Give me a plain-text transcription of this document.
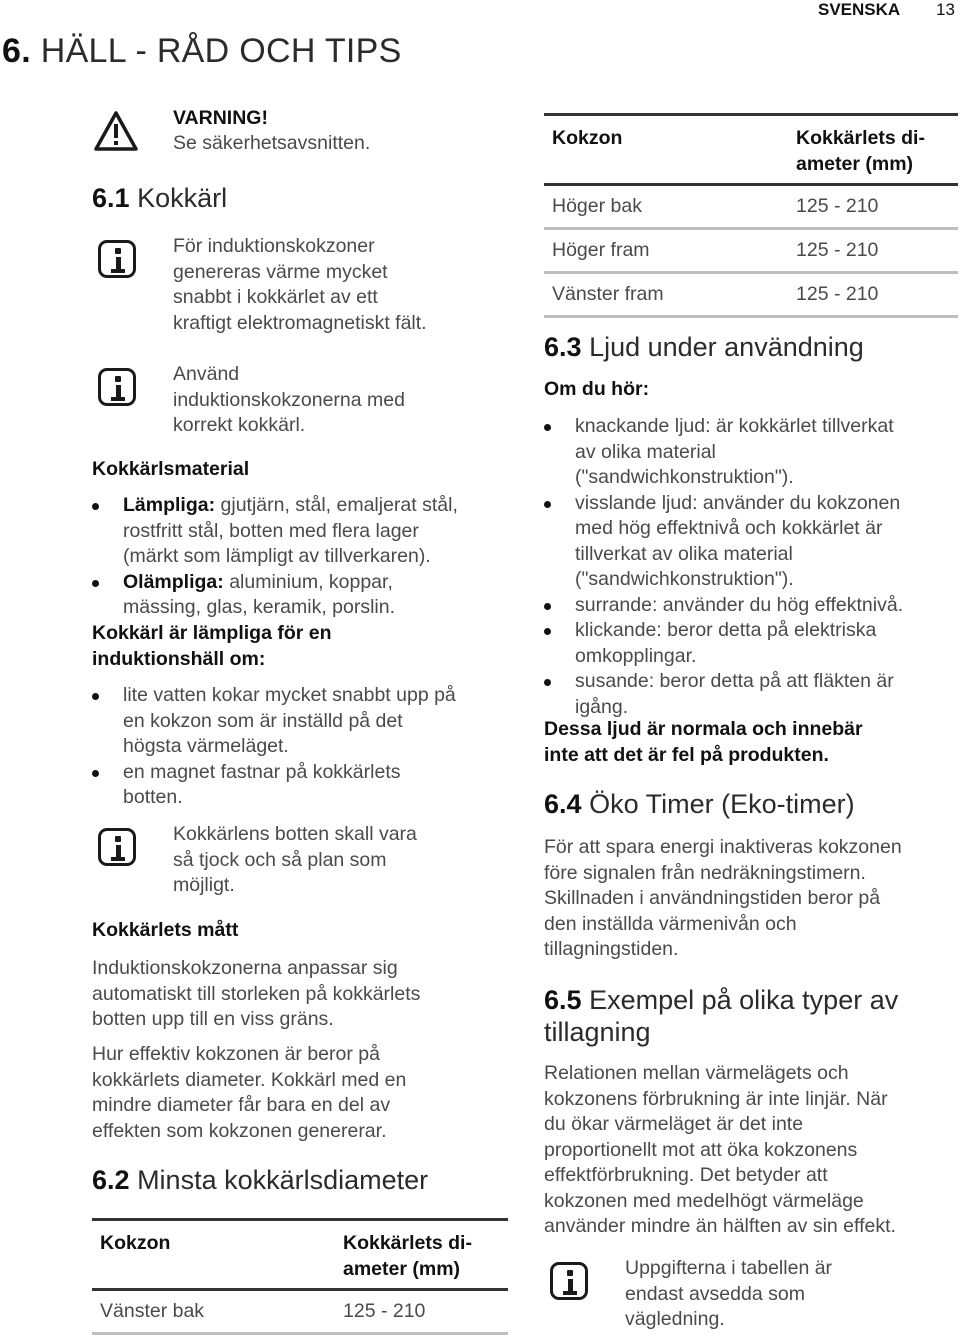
SVENSKA 13
6. HÄLL - RÅD OCH TIPS
VARNING!
Se säkerhetsavsnitten.
6.1 Kokkärl
För induktionskokzoner
genereras värme mycket
snabbt i kokkärlet av ett
kraftigt elektromagnetiskt fält.
Använd
induktionskokzonerna med
korrekt kokkärl.
Kokkärlsmaterial
Lämpliga: gjutjärn, stål, emaljerat stål,
rostfritt stål, botten med flera lager
(märkt som lämpligt av tillverkaren).
Olämpliga: aluminium, koppar,
mässing, glas, keramik, porslin.
Kokkärl är lämpliga för en
induktionshäll om:
lite vatten kokar mycket snabbt upp på
en kokzon som är inställd på det
högsta värmeläget.
en magnet fastnar på kokkärlets
botten.
Kokkärlens botten skall vara
så tjock och så plan som
möjligt.
Kokkärlets mått
Induktionskokzonerna anpassar sig
automatiskt till storleken på kokkärlets
botten upp till en viss gräns.
Hur effektiv kokzonen är beror på
kokkärlets diameter. Kokkärl med en
mindre diameter får bara en del av
effekten som kokzonen genererar.
6.2 Minsta kokkärlsdiameter
Kokzon	Kokkärlets di-
ameter (mm)
Vänster bak	125 - 210
Kokzon	Kokkärlets di-
ameter (mm)
Höger bak	125 - 210
Höger fram	125 - 210
Vänster fram	125 - 210
6.3 Ljud under användning
Om du hör:
knackande ljud: är kokkärlet tillverkat
av olika material
("sandwichkonstruktion").
visslande ljud: använder du kokzonen
med hög effektnivå och kokkärlet är
tillverkat av olika material
("sandwichkonstruktion").
surrande: använder du hög effektnivå.
klickande: beror detta på elektriska
omkopplingar.
susande: beror detta på att fläkten är
igång.
Dessa ljud är normala och innebär
inte att det är fel på produkten.
6.4 Öko Timer (Eko-timer)
För att spara energi inaktiveras kokzonen
före signalen från nedräkningstimern.
Skillnaden i användningstiden beror på
den inställda värmenivån och
tillagningstiden.
6.5 Exempel på olika typer av
tillagning
Relationen mellan värmelägets och
kokzonens förbrukning är inte linjär. När
du ökar värmeläget är det inte
proportionellt mot att öka kokzonens
effektförbrukning. Det betyder att
kokzonen med medelhögt värmeläge
använder mindre än hälften av sin effekt.
Uppgifterna i tabellen är
endast avsedda som
vägledning.
